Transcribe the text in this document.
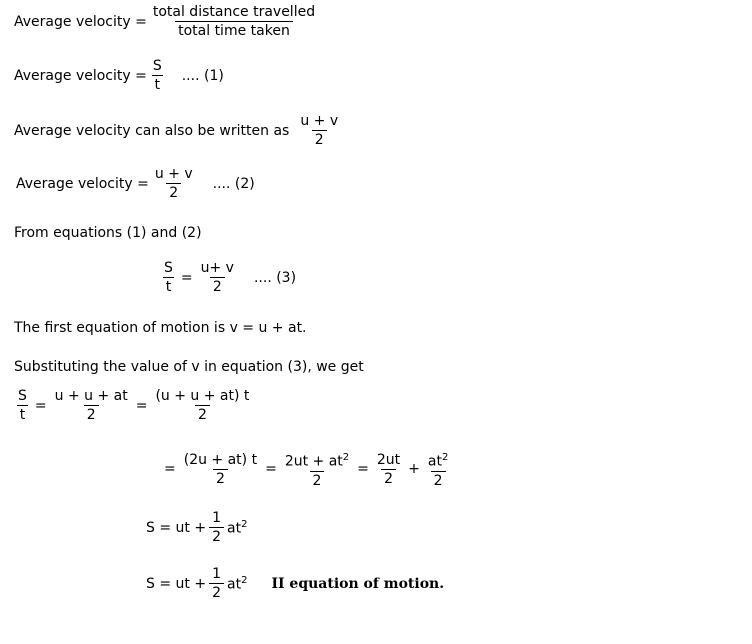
Average velocity = $\frac{\text{total distance travelled}}{\text{total time taken}}$
Average velocity = $\frac{S}{t}$ .... (1)
Average velocity can also be written as $\frac{u + v}{2}$
Average velocity = $\frac{u + v}{2}$ .... (2)
From equations (1) and (2)
$\frac{S}{t} = \frac{u+ v}{2}$ .... (3)
The first equation of motion is v = u + at.
Substituting the value of v in equation (3), we get
$\frac{S}{t} = \frac{u + u + at}{2} = \frac{(u + u + at) t}{2}$
= $\frac{(2u + at) t}{2} = \frac{2ut + at^2}{2} = \frac{2ut}{2} + \frac{at^2}{2}$
S = ut + $\frac{1}{2} at^2$
S = ut + $\frac{1}{2} at^2$ II equation of motion.
